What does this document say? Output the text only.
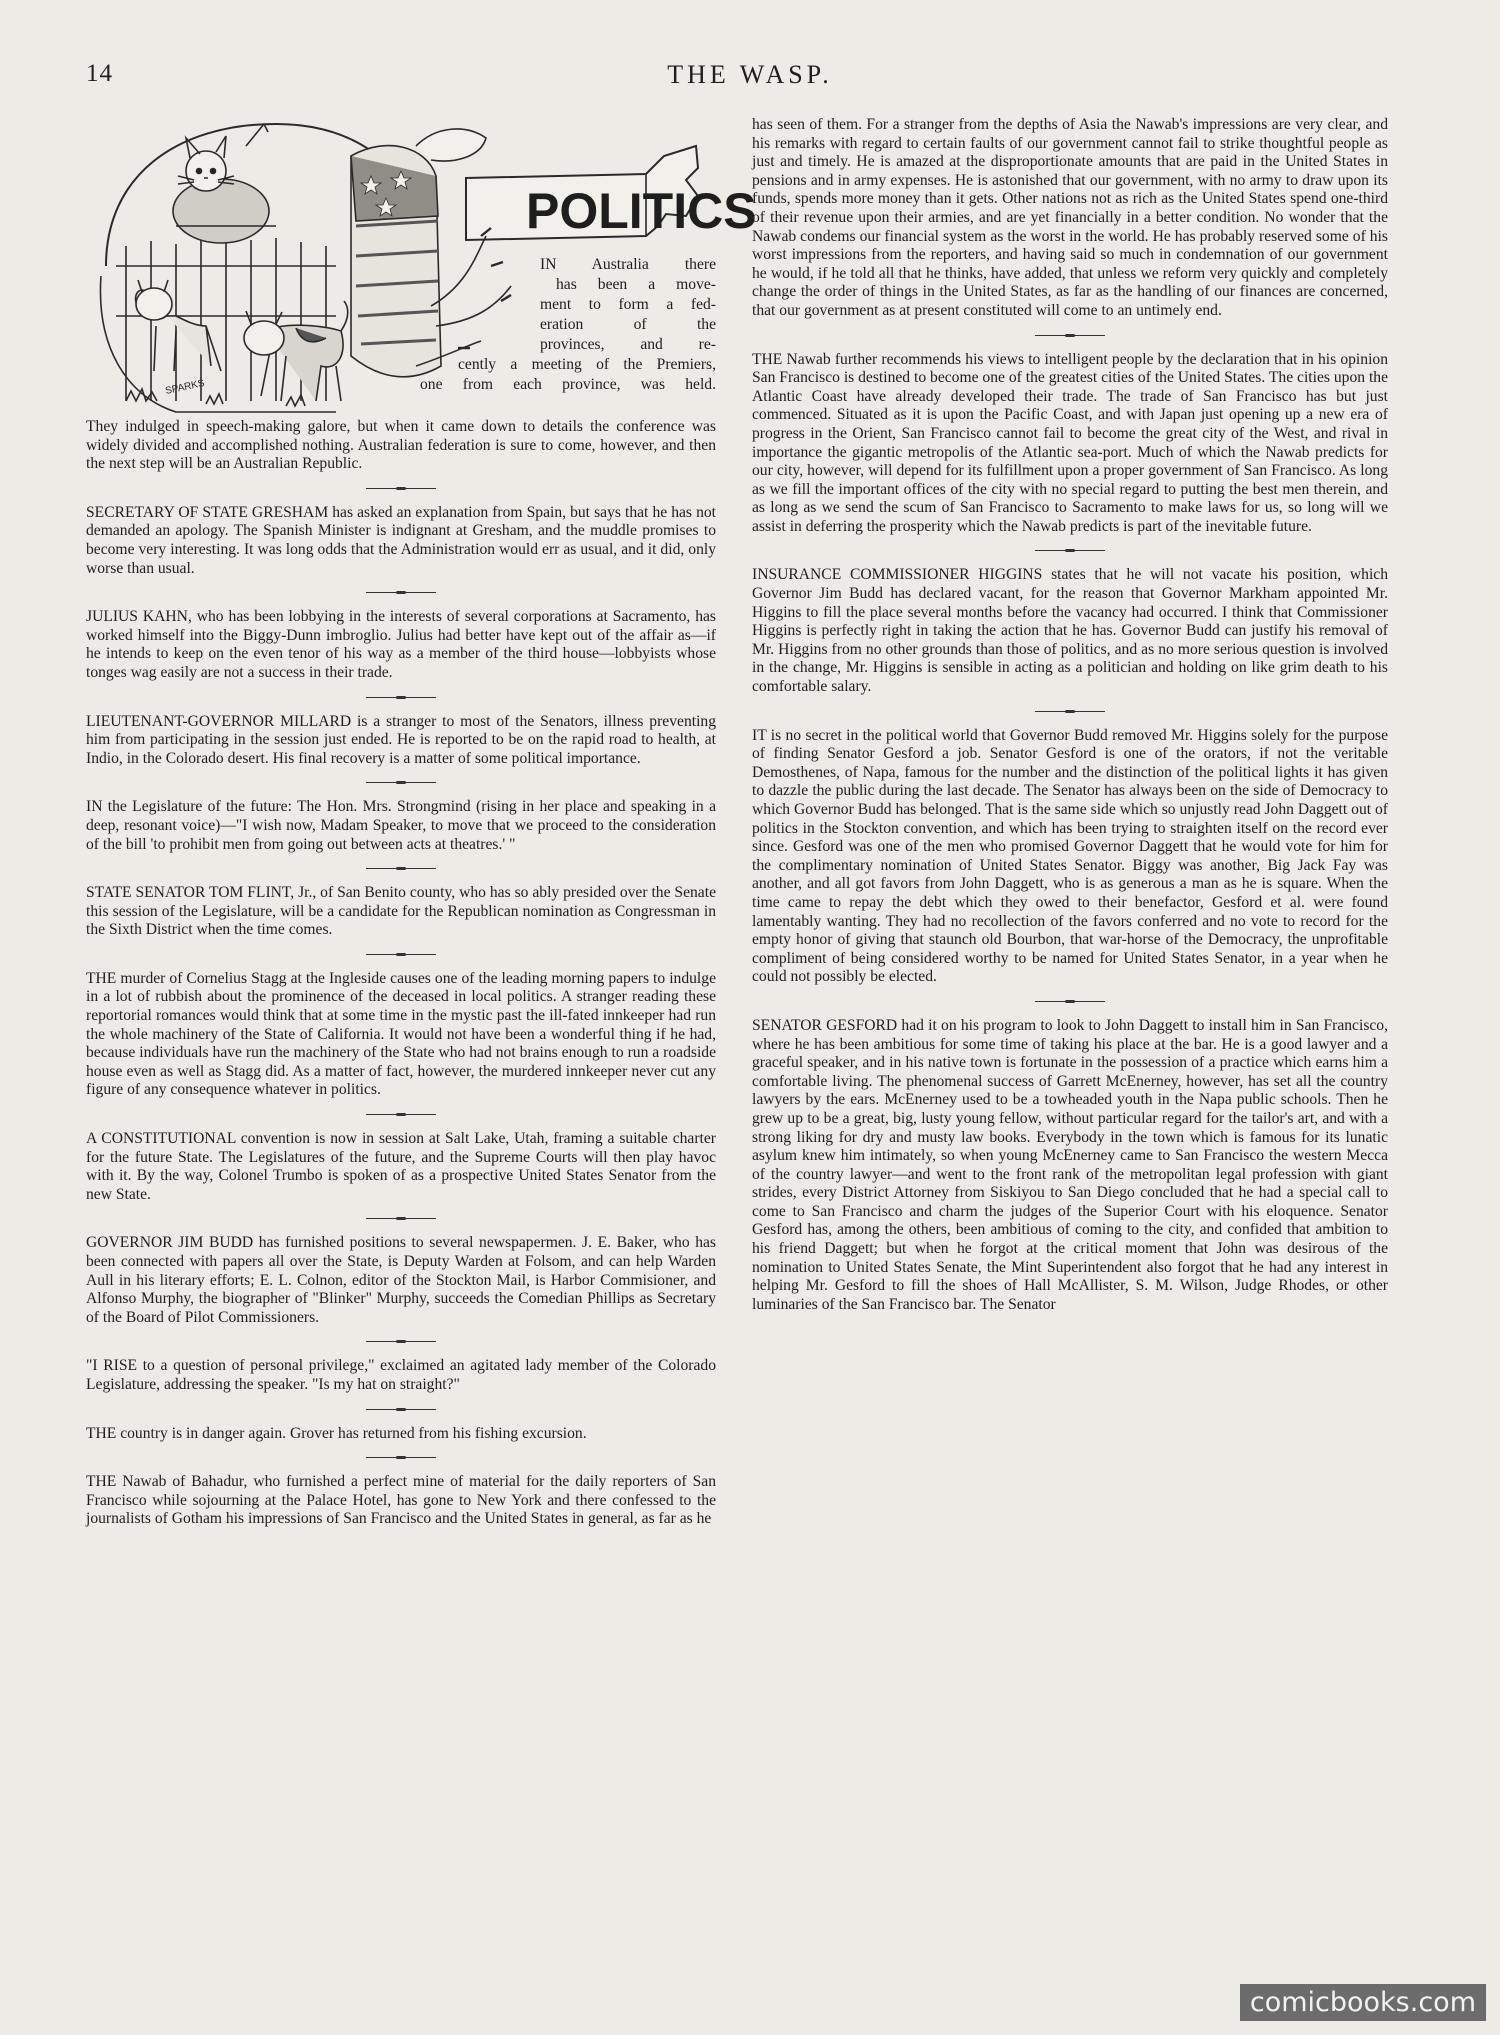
14	THE WASP.
POLITICS
SPARKS
IN Australia there
has been a move-
ment to form a fed-
eration of the
provinces, and re-
cently a meeting of the Premiers,
one from each province, was held.

They indulged in speech-making galore, but when it came down to details the conference was widely divided and accomplished nothing. Australian federation is sure to come, however, and then the next step will be an Australian Republic.

SECRETARY OF STATE GRESHAM has asked an explanation from Spain, but says that he has not demanded an apology. The Spanish Minister is indignant at Gresham, and the muddle promises to become very interesting. It was long odds that the Administration would err as usual, and it did, only worse than usual.

JULIUS KAHN, who has been lobbying in the interests of several corporations at Sacramento, has worked himself into the Biggy-Dunn imbroglio. Julius had better have kept out of the affair as—if he intends to keep on the even tenor of his way as a member of the third house—lobbyists whose tonges wag easily are not a success in their trade.

LIEUTENANT-GOVERNOR MILLARD is a stranger to most of the Senators, illness preventing him from participating in the session just ended. He is reported to be on the rapid road to health, at Indio, in the Colorado desert. His final recovery is a matter of some political importance.

IN the Legislature of the future: The Hon. Mrs. Strongmind (rising in her place and speaking in a deep, resonant voice)—"I wish now, Madam Speaker, to move that we proceed to the consideration of the bill 'to prohibit men from going out between acts at theatres.' "

STATE SENATOR TOM FLINT, Jr., of San Benito county, who has so ably presided over the Senate this session of the Legislature, will be a candidate for the Republican nomination as Congressman in the Sixth District when the time comes.

THE murder of Cornelius Stagg at the Ingleside causes one of the leading morning papers to indulge in a lot of rubbish about the prominence of the deceased in local politics. A stranger reading these reportorial romances would think that at some time in the mystic past the ill-fated innkeeper had run the whole machinery of the State of California. It would not have been a wonderful thing if he had, because individuals have run the machinery of the State who had not brains enough to run a roadside house even as well as Stagg did. As a matter of fact, however, the murdered innkeeper never cut any figure of any consequence whatever in politics.

A CONSTITUTIONAL convention is now in session at Salt Lake, Utah, framing a suitable charter for the future State. The Legislatures of the future, and the Supreme Courts will then play havoc with it. By the way, Colonel Trumbo is spoken of as a prospective United States Senator from the new State.

GOVERNOR JIM BUDD has furnished positions to several newspapermen. J. E. Baker, who has been connected with papers all over the State, is Deputy Warden at Folsom, and can help Warden Aull in his literary efforts; E. L. Colnon, editor of the Stockton Mail, is Harbor Commisioner, and Alfonso Murphy, the biographer of "Blinker" Murphy, succeeds the Comedian Phillips as Secretary of the Board of Pilot Commissioners.

"I RISE to a question of personal privilege," exclaimed an agitated lady member of the Colorado Legislature, addressing the speaker. "Is my hat on straight?"

THE country is in danger again. Grover has returned from his fishing excursion.

THE Nawab of Bahadur, who furnished a perfect mine of material for the daily reporters of San Francisco while sojourning at the Palace Hotel, has gone to New York and there confessed to the journalists of Gotham his impressions of San Francisco and the United States in general, as far as he

has seen of them. For a stranger from the depths of Asia the Nawab's impressions are very clear, and his remarks with regard to certain faults of our government cannot fail to strike thoughtful people as just and timely. He is amazed at the disproportionate amounts that are paid in the United States in pensions and in army expenses. He is astonished that our government, with no army to draw upon its funds, spends more money than it gets. Other nations not as rich as the United States spend one-third of their revenue upon their armies, and are yet financially in a better condition. No wonder that the Nawab condems our financial system as the worst in the world. He has probably reserved some of his worst impressions from the reporters, and having said so much in condemnation of our government he would, if he told all that he thinks, have added, that unless we reform very quickly and completely change the order of things in the United States, as far as the handling of our finances are concerned, that our government as at present constituted will come to an untimely end.

THE Nawab further recommends his views to intelligent people by the declaration that in his opinion San Francisco is destined to become one of the greatest cities of the United States. The cities upon the Atlantic Coast have already developed their trade. The trade of San Francisco has but just commenced. Situated as it is upon the Pacific Coast, and with Japan just opening up a new era of progress in the Orient, San Francisco cannot fail to become the great city of the West, and rival in importance the gigantic metropolis of the Atlantic sea-port. Much of which the Nawab predicts for our city, however, will depend for its fulfillment upon a proper government of San Francisco. As long as we fill the important offices of the city with no special regard to putting the best men therein, and as long as we send the scum of San Francisco to Sacramento to make laws for us, so long will we assist in deferring the prosperity which the Nawab predicts is part of the inevitable future.

INSURANCE COMMISSIONER HIGGINS states that he will not vacate his position, which Governor Jim Budd has declared vacant, for the reason that Governor Markham appointed Mr. Higgins to fill the place several months before the vacancy had occurred. I think that Commissioner Higgins is perfectly right in taking the action that he has. Governor Budd can justify his removal of Mr. Higgins from no other grounds than those of politics, and as no more serious question is involved in the change, Mr. Higgins is sensible in acting as a politician and holding on like grim death to his comfortable salary.

IT is no secret in the political world that Governor Budd removed Mr. Higgins solely for the purpose of finding Senator Gesford a job. Senator Gesford is one of the orators, if not the veritable Demosthenes, of Napa, famous for the number and the distinction of the political lights it has given to dazzle the public during the last decade. The Senator has always been on the side of Democracy to which Governor Budd has belonged. That is the same side which so unjustly read John Daggett out of politics in the Stockton convention, and which has been trying to straighten itself on the record ever since. Gesford was one of the men who promised Governor Daggett that he would vote for him for the complimentary nomination of United States Senator. Biggy was another, Big Jack Fay was another, and all got favors from John Daggett, who is as generous a man as he is square. When the time came to repay the debt which they owed to their benefactor, Gesford et al. were found lamentably wanting. They had no recollection of the favors conferred and no vote to record for the empty honor of giving that staunch old Bourbon, that war-horse of the Democracy, the unprofitable compliment of being considered worthy to be named for United States Senator, in a year when he could not possibly be elected.

SENATOR GESFORD had it on his program to look to John Daggett to install him in San Francisco, where he has been ambitious for some time of taking his place at the bar. He is a good lawyer and a graceful speaker, and in his native town is fortunate in the possession of a practice which earns him a comfortable living. The phenomenal success of Garrett McEnerney, however, has set all the country lawyers by the ears. McEnerney used to be a towheaded youth in the Napa public schools. Then he grew up to be a great, big, lusty young fellow, without particular regard for the tailor's art, and with a strong liking for dry and musty law books. Everybody in the town which is famous for its lunatic asylum knew him intimately, so when young McEnerney came to San Francisco the western Mecca of the country lawyer—and went to the front rank of the metropolitan legal profession with giant strides, every District Attorney from Siskiyou to San Diego concluded that he had a special call to come to San Francisco and charm the judges of the Superior Court with his eloquence. Senator Gesford has, among the others, been ambitious of coming to the city, and confided that ambition to his friend Daggett; but when he forgot at the critical moment that John was desirous of the nomination to United States Senate, the Mint Superintendent also forgot that he had any interest in helping Mr. Gesford to fill the shoes of Hall McAllister, S. M. Wilson, Judge Rhodes, or other luminaries of the San Francisco bar. The Senator

comicbooks.com
